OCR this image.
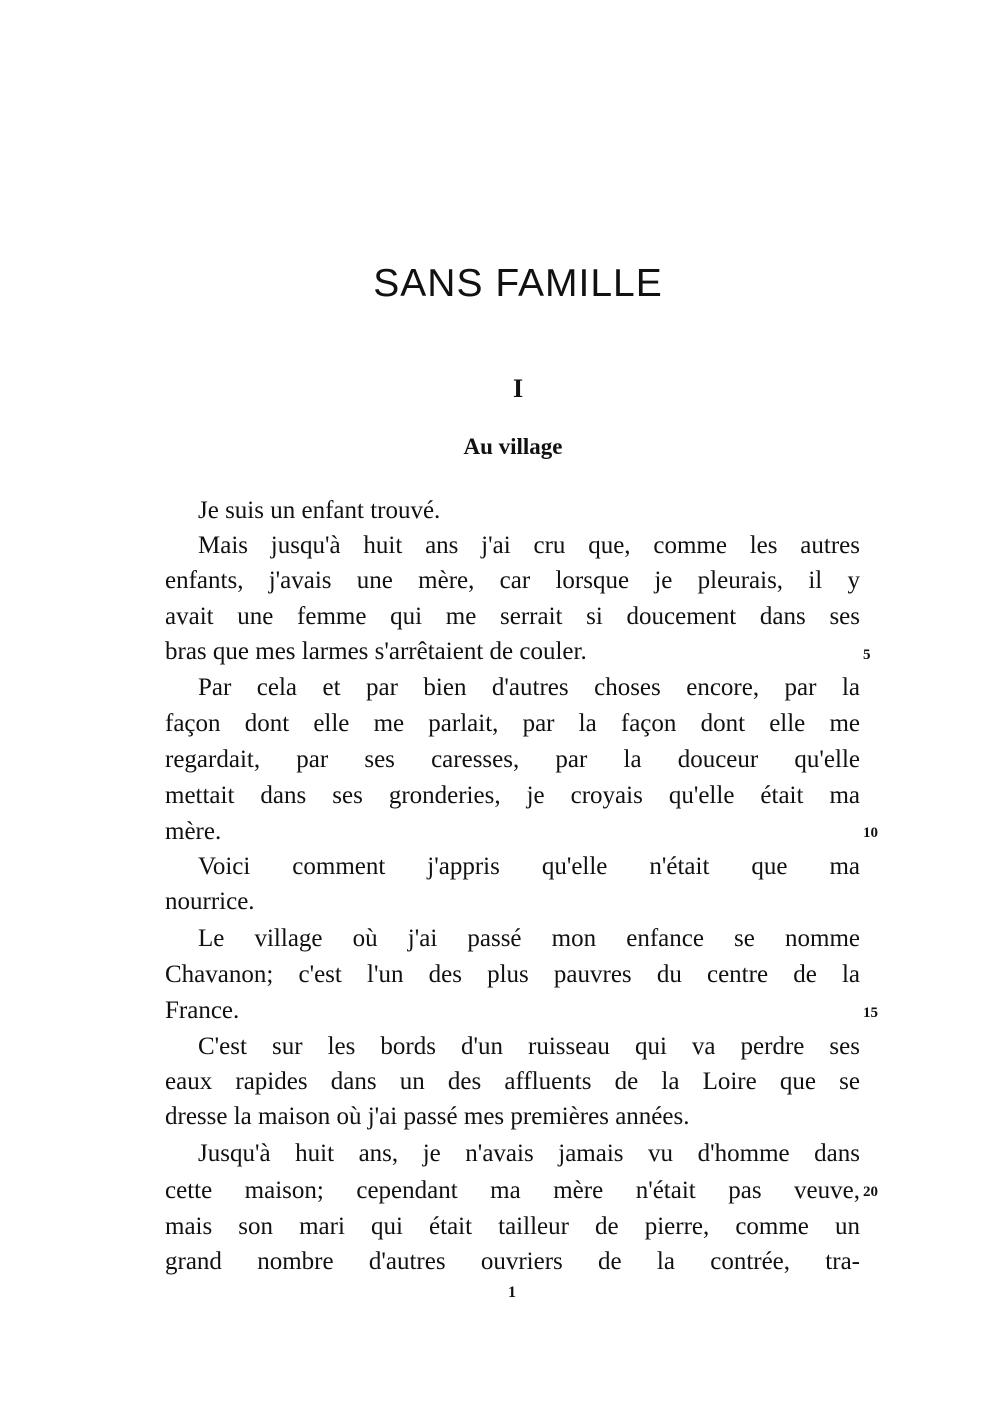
SANS FAMILLE
I
Au village
Je suis un enfant trouvé.
Mais jusqu'à huit ans j'ai cru que, comme les autres
enfants, j'avais une mère, car lorsque je pleurais, il y
avait une femme qui me serrait si doucement dans ses
bras que mes larmes s'arrêtaient de couler.
Par cela et par bien d'autres choses encore, par la
façon dont elle me parlait, par la façon dont elle me
regardait, par ses caresses, par la douceur qu'elle
mettait dans ses gronderies, je croyais qu'elle était ma
mère.
Voici comment j'appris qu'elle n'était que ma
nourrice.
Le village où j'ai passé mon enfance se nomme
Chavanon; c'est l'un des plus pauvres du centre de la
France.
C'est sur les bords d'un ruisseau qui va perdre ses
eaux rapides dans un des affluents de la Loire que se
dresse la maison où j'ai passé mes premières années.
Jusqu'à huit ans, je n'avais jamais vu d'homme dans
cette maison; cependant ma mère n'était pas veuve,
mais son mari qui était tailleur de pierre, comme un
grand nombre d'autres ouvriers de la contrée, tra-
5
10
15
20
1
